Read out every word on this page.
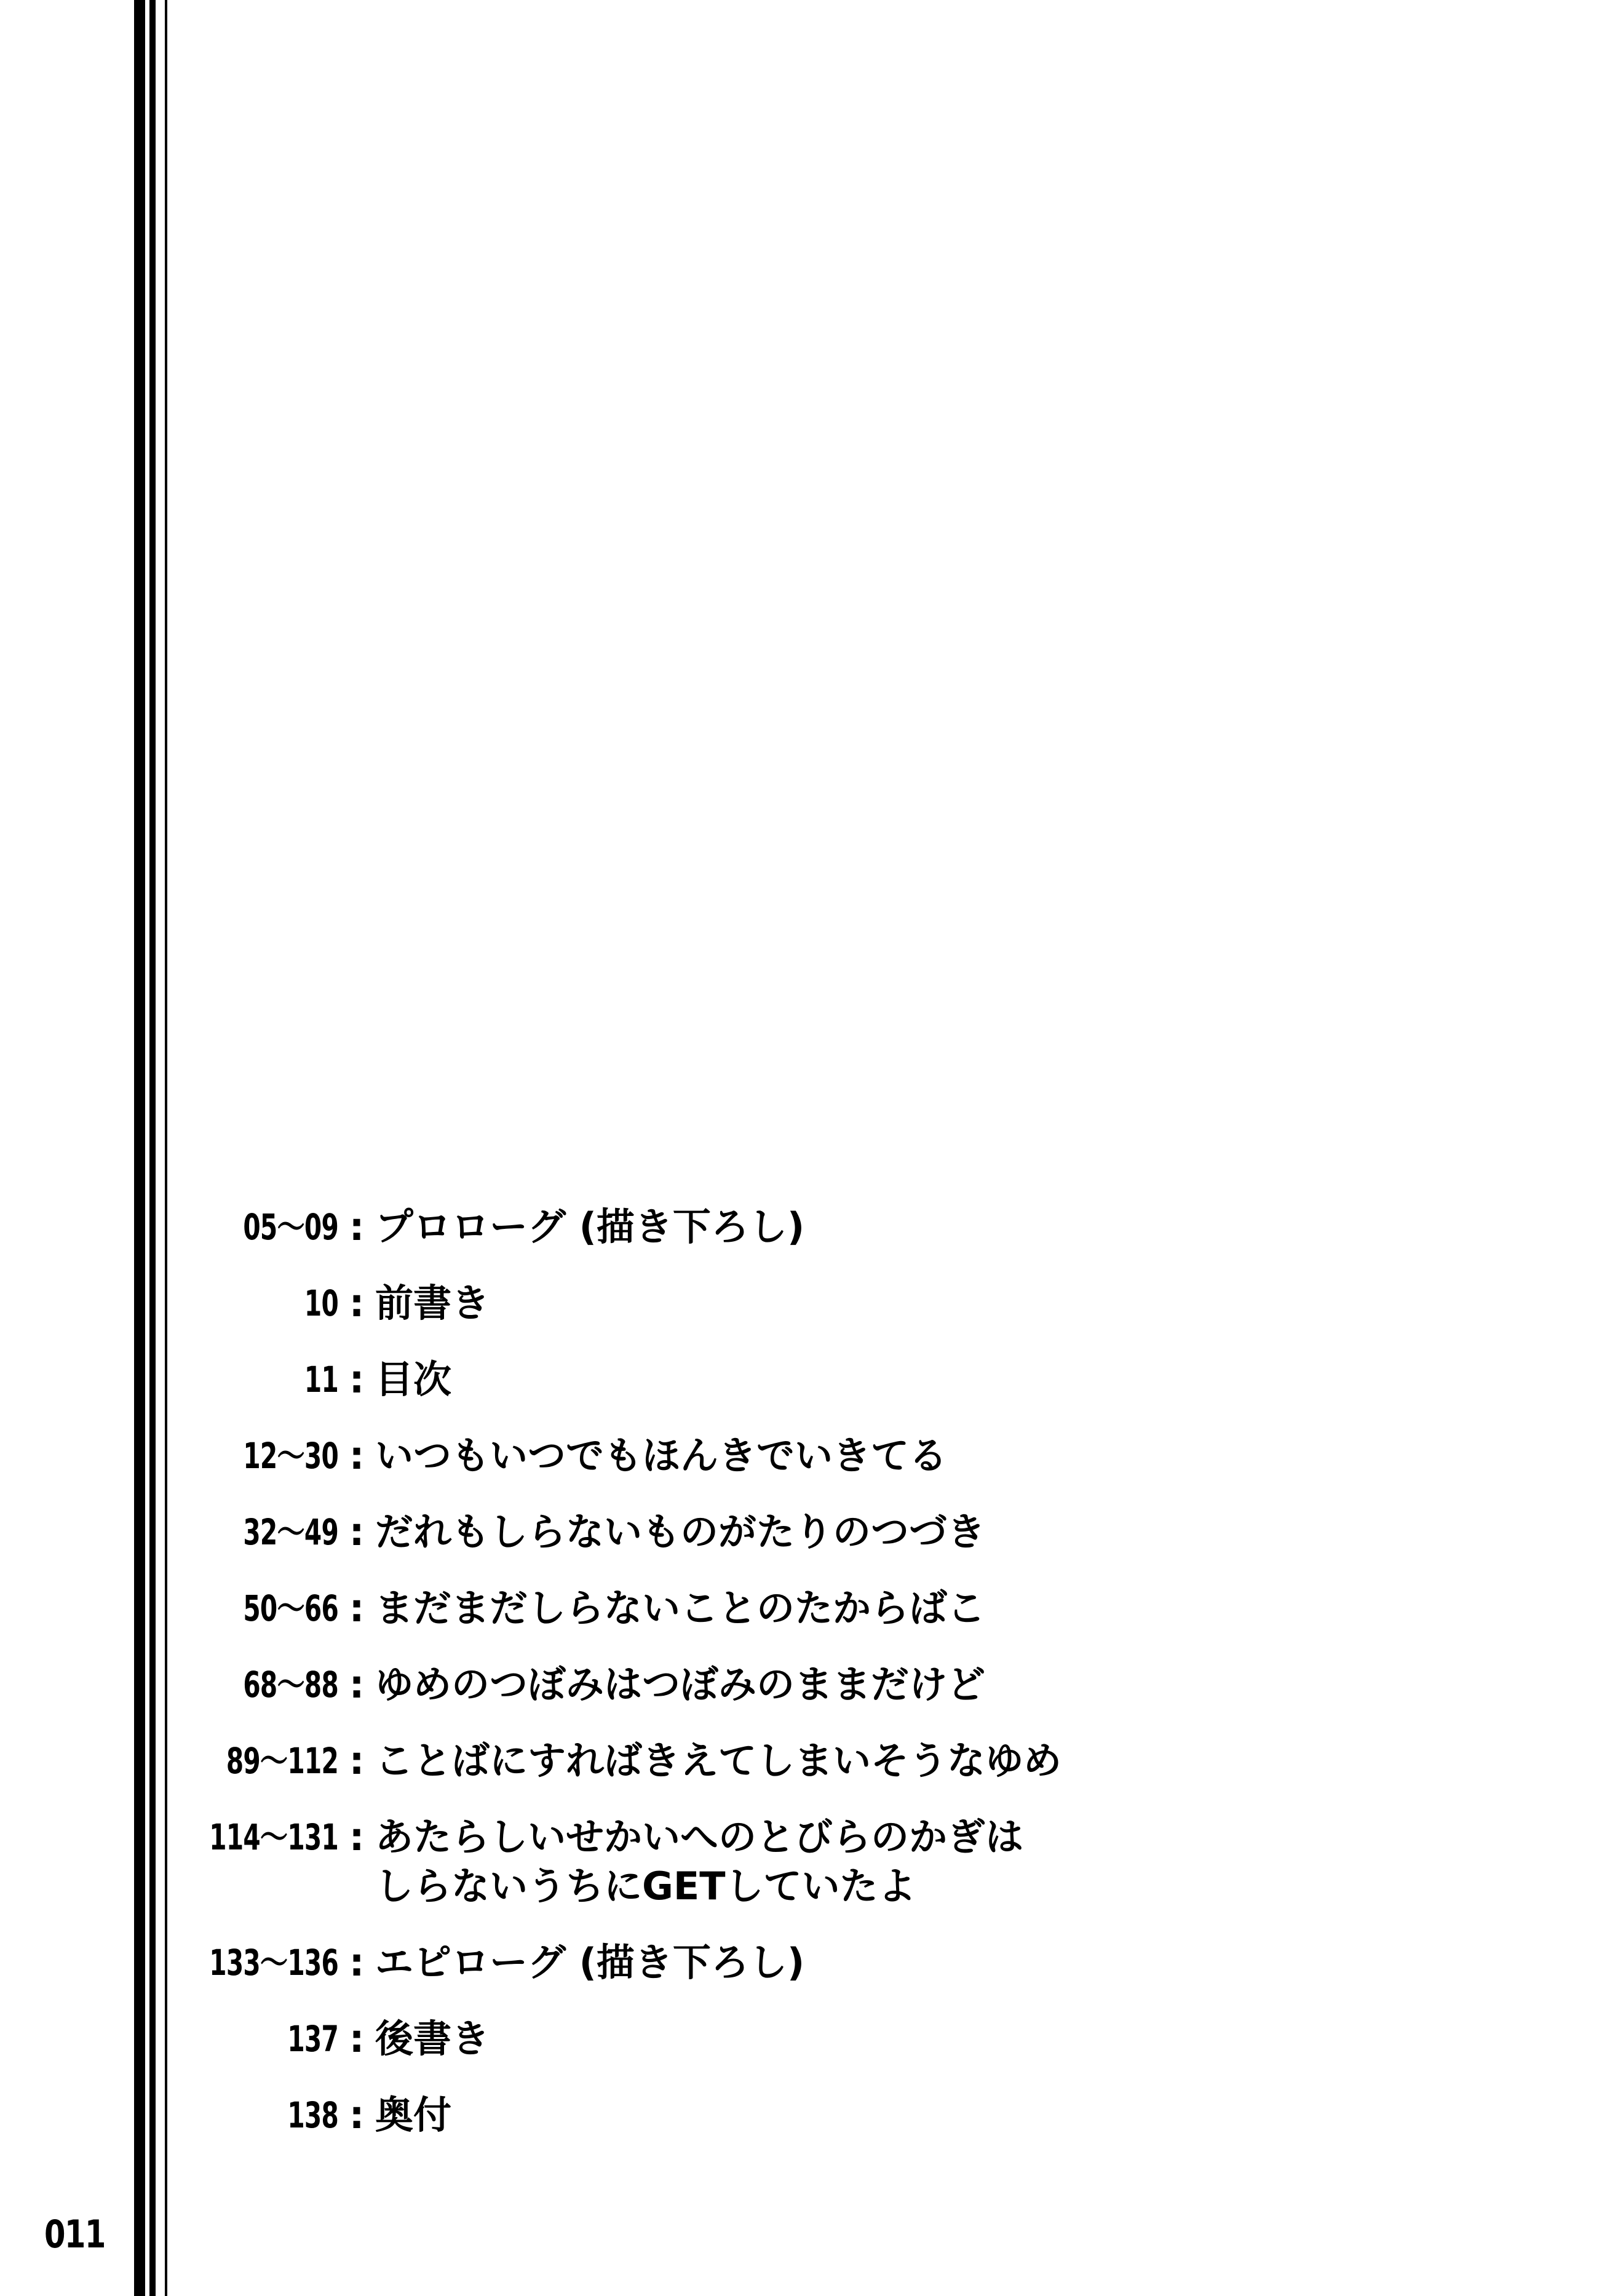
05〜09 : プロローグ (描き下ろし)
10 : 前書き
11 : 目次
12〜30 : いつもいつでもほんきでいきてる
32〜49 : だれもしらないものがたりのつづき
50〜66 : まだまだしらないことのたからばこ
68〜88 : ゆめのつぼみはつぼみのままだけど
89〜112 : ことばにすればきえてしまいそうなゆめ
114〜131 : あたらしいせかいへのとびらのかぎは
しらないうちにGETしていたよ
133〜136 : エピローグ (描き下ろし)
137 : 後書き
138 : 奥付
011
